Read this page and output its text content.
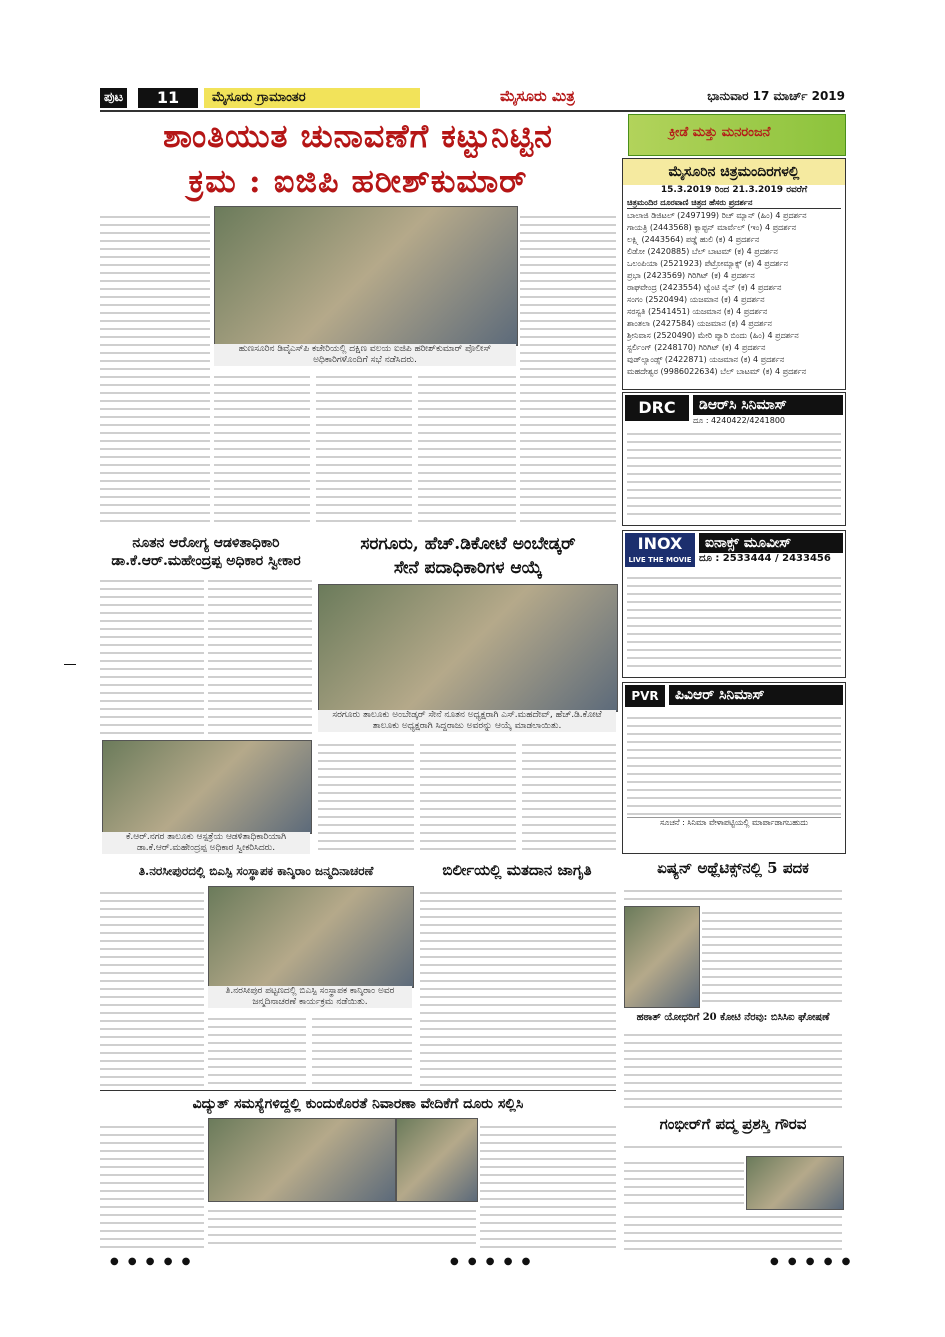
ಪುಟ	11	ಮೈಸೂರು ಗ್ರಾಮಾಂತರ	ಮೈಸೂರು ಮಿತ್ರ	ಭಾನುವಾರ 17 ಮಾರ್ಚ್ 2019
ಶಾಂತಿಯುತ ಚುನಾವಣೆಗೆ ಕಟ್ಟುನಿಟ್ಟಿನ
ಕ್ರಮ : ಐಜಿಪಿ ಹರೀಶ್‌ಕುಮಾರ್
ಕ್ರೀಡೆ ಮತ್ತು ಮನರಂಜನೆ
ಹುಣಸೂರಿನ ಡಿವೈಎಸ್‌ಪಿ ಕಚೇರಿಯಲ್ಲಿ ದಕ್ಷಿಣ ವಲಯ ಐಜಿಪಿ ಹರೀಶ್‌ಕುಮಾರ್ ಪೊಲೀಸ್ ಅಧಿಕಾರಿಗಳೊಂದಿಗೆ ಸಭೆ ನಡೆಸಿದರು.
ಮೈಸೂರಿನ ಚಿತ್ರಮಂದಿರಗಳಲ್ಲಿ
15.3.2019 ರಿಂದ 21.3.2019 ರವರೆಗೆ
ಚಿತ್ರಮಂದಿರ ದೂರವಾಣಿ ಚಿತ್ರದ ಹೆಸರು ಪ್ರದರ್ಶನ
ಬಾಲಾಜಿ ಡಿಜಿಟಲ್ (2497199) ರಿಚ್ ಮ್ಯಾನ್ (ಹಿಂ) 4 ಪ್ರದರ್ಶನ
ಗಾಯತ್ರಿ (2443568) ಕ್ಯಾಪ್ಟನ್ ಮಾರ್ವೆಲ್ (ಇಂ) 4 ಪ್ರದರ್ಶನ
ಲಕ್ಷ್ಮಿ (2443564) ಪಡ್ಡೆ ಹುಲಿ (ಕ) 4 ಪ್ರದರ್ಶನ
ಲಿಡೋ (2420885) ಬೆಲ್ ಬಾಟಮ್ (ಕ) 4 ಪ್ರದರ್ಶನ
ಒಲಂಪಿಯಾ (2521923) ಪೆಟ್ರೋಮ್ಯಾಕ್ಸ್ (ಕ) 4 ಪ್ರದರ್ಶನ
ಪ್ರಭಾ (2423569) ಗಿರಿಗಿಟ್ (ಕ) 4 ಪ್ರದರ್ಶನ
ರಾಘವೇಂದ್ರ (2423554) ಟ್ವೆಂಟಿ ನೈನ್ (ಕ) 4 ಪ್ರದರ್ಶನ
ಸಂಗಂ (2520494) ಯಜಮಾನ (ಕ) 4 ಪ್ರದರ್ಶನ
ಸರಸ್ವತಿ (2541451) ಯಜಮಾನ (ಕ) 4 ಪ್ರದರ್ಶನ
ಶಾಂತಲಾ (2427584) ಯಜಮಾನ (ಕ) 4 ಪ್ರದರ್ಶನ
ಶ್ರೀನಿವಾಸ (2520490) ಮೇರಿ ಪ್ಯಾರಿ ಬಿಂದು (ಹಿಂ) 4 ಪ್ರದರ್ಶನ
ಸ್ಟರ್ಲಿಂಗ್ (2248170) ಗಿರಿಗಿಟ್ (ಕ) 4 ಪ್ರದರ್ಶನ
ವುಡ್‌ಲ್ಯಾಂಡ್ಸ್ (2422871) ಯಜಮಾನ (ಕ) 4 ಪ್ರದರ್ಶನ
ಮಹದೇಶ್ವರ (9986022634) ಬೆಲ್ ಬಾಟಮ್ (ಕ) 4 ಪ್ರದರ್ಶನ
DRC	ಡಿಆರ್‌ಸಿ ಸಿನಿಮಾಸ್
ದೂ : 4240422/4241800
INOX
LIVE THE MOVIE
ಐನಾಕ್ಸ್ ಮೂವೀಸ್
ದೂ : 2533444 / 2433456
PVR	ಪಿವಿಆರ್ ಸಿನಿಮಾಸ್
ಸೂಚನೆ : ಸಿನಿಮಾ ವೇಳಾಪಟ್ಟಿಯಲ್ಲಿ ಮಾರ್ಪಾಡಾಗಬಹುದು
ನೂತನ ಆರೋಗ್ಯ ಆಡಳಿತಾಧಿಕಾರಿ
ಡಾ.ಕೆ.ಆರ್.ಮಹೇಂದ್ರಪ್ಪ ಅಧಿಕಾರ ಸ್ವೀಕಾರ
ಕೆ.ಆರ್.ನಗರ ತಾಲೂಕು ಆಸ್ಪತ್ರೆಯ ಆಡಳಿತಾಧಿಕಾರಿಯಾಗಿ ಡಾ.ಕೆ.ಆರ್.ಮಹೇಂದ್ರಪ್ಪ ಅಧಿಕಾರ ಸ್ವೀಕರಿಸಿದರು.
ಸರಗೂರು, ಹೆಚ್.ಡಿಕೋಟೆ ಅಂಬೇಡ್ಕರ್
ಸೇನೆ ಪದಾಧಿಕಾರಿಗಳ ಆಯ್ಕೆ
ಸರಗೂರು ತಾಲೂಕು ಅಂಬೇಡ್ಕರ್ ಸೇನೆ ನೂತನ ಅಧ್ಯಕ್ಷರಾಗಿ ಎಸ್.ಮಹದೇವ್, ಹೆಚ್.ಡಿ.ಕೋಟೆ ತಾಲೂಕು ಅಧ್ಯಕ್ಷರಾಗಿ ಸಿದ್ದರಾಜು ಅವರನ್ನು ಆಯ್ಕೆ ಮಾಡಲಾಯಿತು.
ತಿ.ನರಸೀಪುರದಲ್ಲಿ ಬಿಎಸ್ಪಿ ಸಂಸ್ಥಾಪಕ ಕಾನ್ಶಿರಾಂ ಜನ್ಮದಿನಾಚರಣೆ
ತಿ.ನರಸೀಪುರ ಪಟ್ಟಣದಲ್ಲಿ ಬಿಎಸ್ಪಿ ಸಂಸ್ಥಾಪಕ ಕಾನ್ಶಿರಾಂ ಅವರ ಜನ್ಮದಿನಾಚರಣೆ ಕಾರ್ಯಕ್ರಮ ನಡೆಯಿತು.
ಬಿರ್ಲೀಯಲ್ಲಿ ಮತದಾನ ಜಾಗೃತಿ
ವಿದ್ಯುತ್ ಸಮಸ್ಯೆಗಳಿದ್ದಲ್ಲಿ ಕುಂದುಕೊರತೆ ನಿವಾರಣಾ ವೇದಿಕೆಗೆ ದೂರು ಸಲ್ಲಿಸಿ
ಏಷ್ಯನ್ ಅಥ್ಲೆಟಿಕ್ಸ್‌ನಲ್ಲಿ 5 ಪದಕ
ಹಠಾತ್ ಯೋಧರಿಗೆ 20 ಕೋಟಿ ನೆರವು: ಬಿಸಿಸಿಐ ಘೋಷಣೆ
ಗಂಭೀರ್‌ಗೆ ಪದ್ಮ ಪ್ರಶಸ್ತಿ ಗೌರವ
● ● ● ● ●	● ● ● ● ●	● ● ● ● ●
